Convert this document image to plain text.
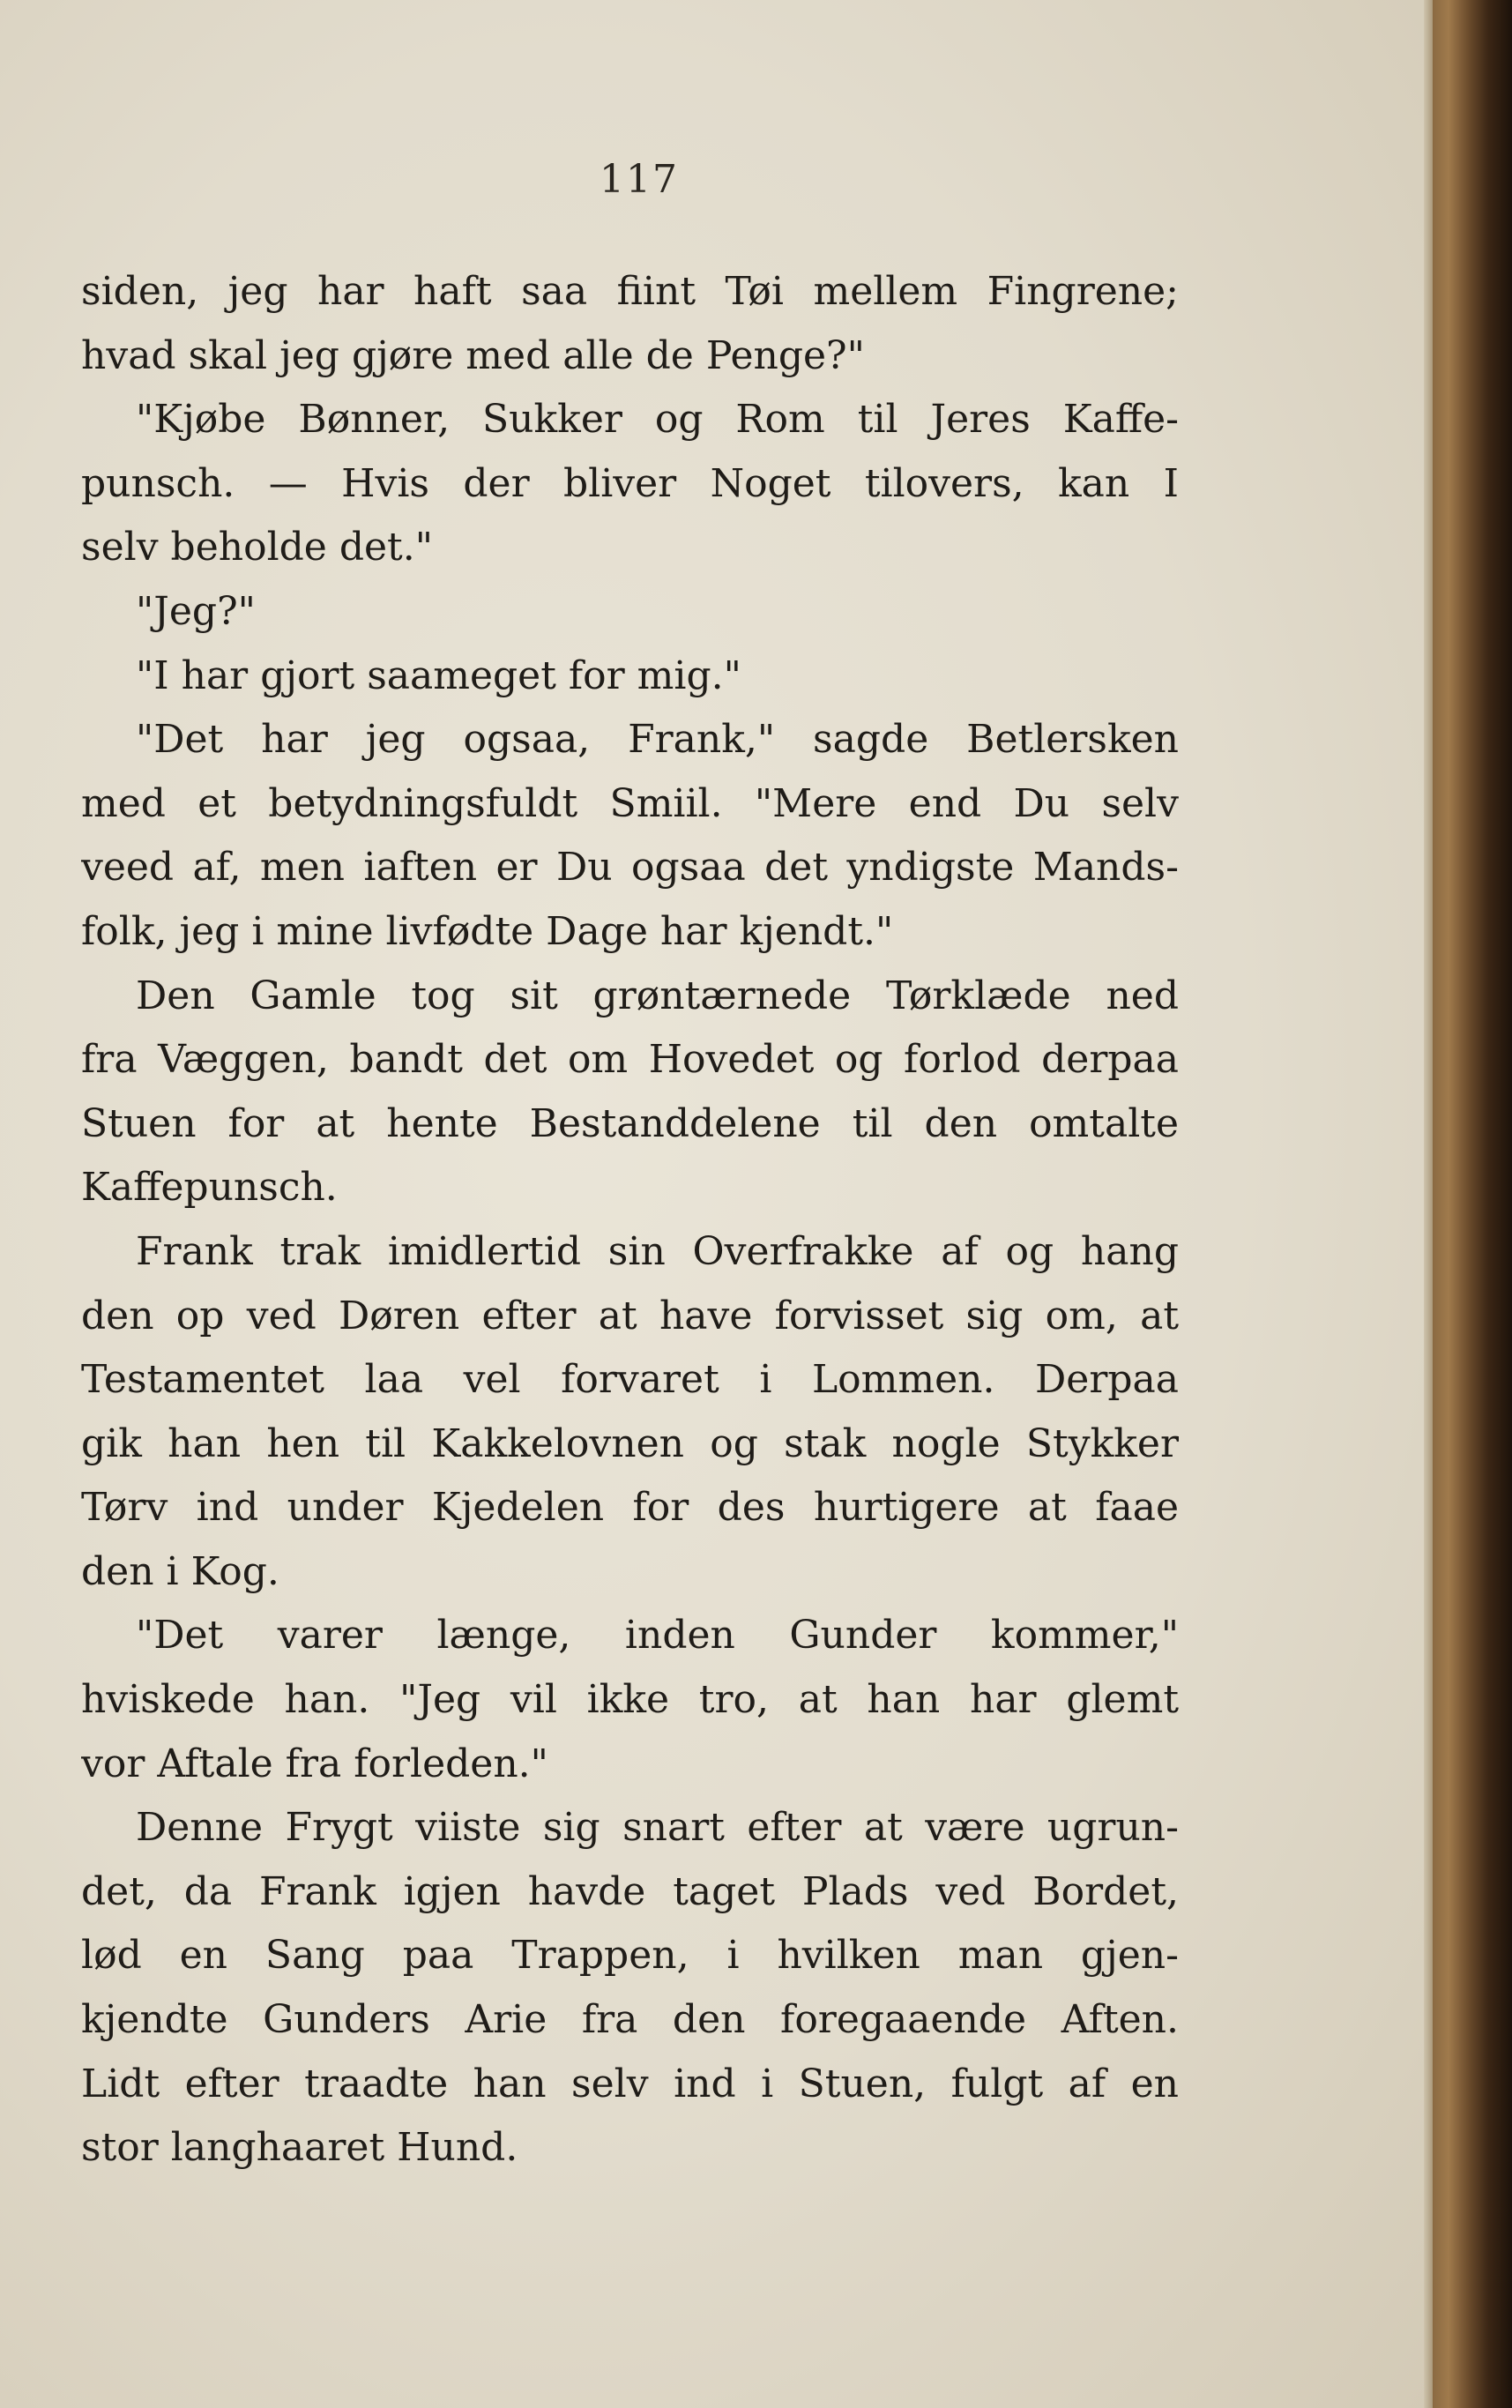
117
siden, jeg har haft saa fiint Tøi mellem Fingrene;
hvad skal jeg gjøre med alle de Penge?"
"Kjøbe Bønner, Sukker og Rom til Jeres Kaffe-
punsch. — Hvis der bliver Noget tilovers, kan I
selv beholde det."
"Jeg?"
"I har gjort saameget for mig."
"Det har jeg ogsaa, Frank," sagde Betlersken
med et betydningsfuldt Smiil. "Mere end Du selv
veed af, men iaften er Du ogsaa det yndigste Mands-
folk, jeg i mine livfødte Dage har kjendt."
Den Gamle tog sit grøntærnede Tørklæde ned
fra Væggen, bandt det om Hovedet og forlod derpaa
Stuen for at hente Bestanddelene til den omtalte
Kaffepunsch.
Frank trak imidlertid sin Overfrakke af og hang
den op ved Døren efter at have forvisset sig om, at
Testamentet laa vel forvaret i Lommen. Derpaa
gik han hen til Kakkelovnen og stak nogle Stykker
Tørv ind under Kjedelen for des hurtigere at faae
den i Kog.
"Det varer længe, inden Gunder kommer,"
hviskede han. "Jeg vil ikke tro, at han har glemt
vor Aftale fra forleden."
Denne Frygt viiste sig snart efter at være ugrun-
det, da Frank igjen havde taget Plads ved Bordet,
lød en Sang paa Trappen, i hvilken man gjen-
kjendte Gunders Arie fra den foregaaende Aften.
Lidt efter traadte han selv ind i Stuen, fulgt af en
stor langhaaret Hund.
